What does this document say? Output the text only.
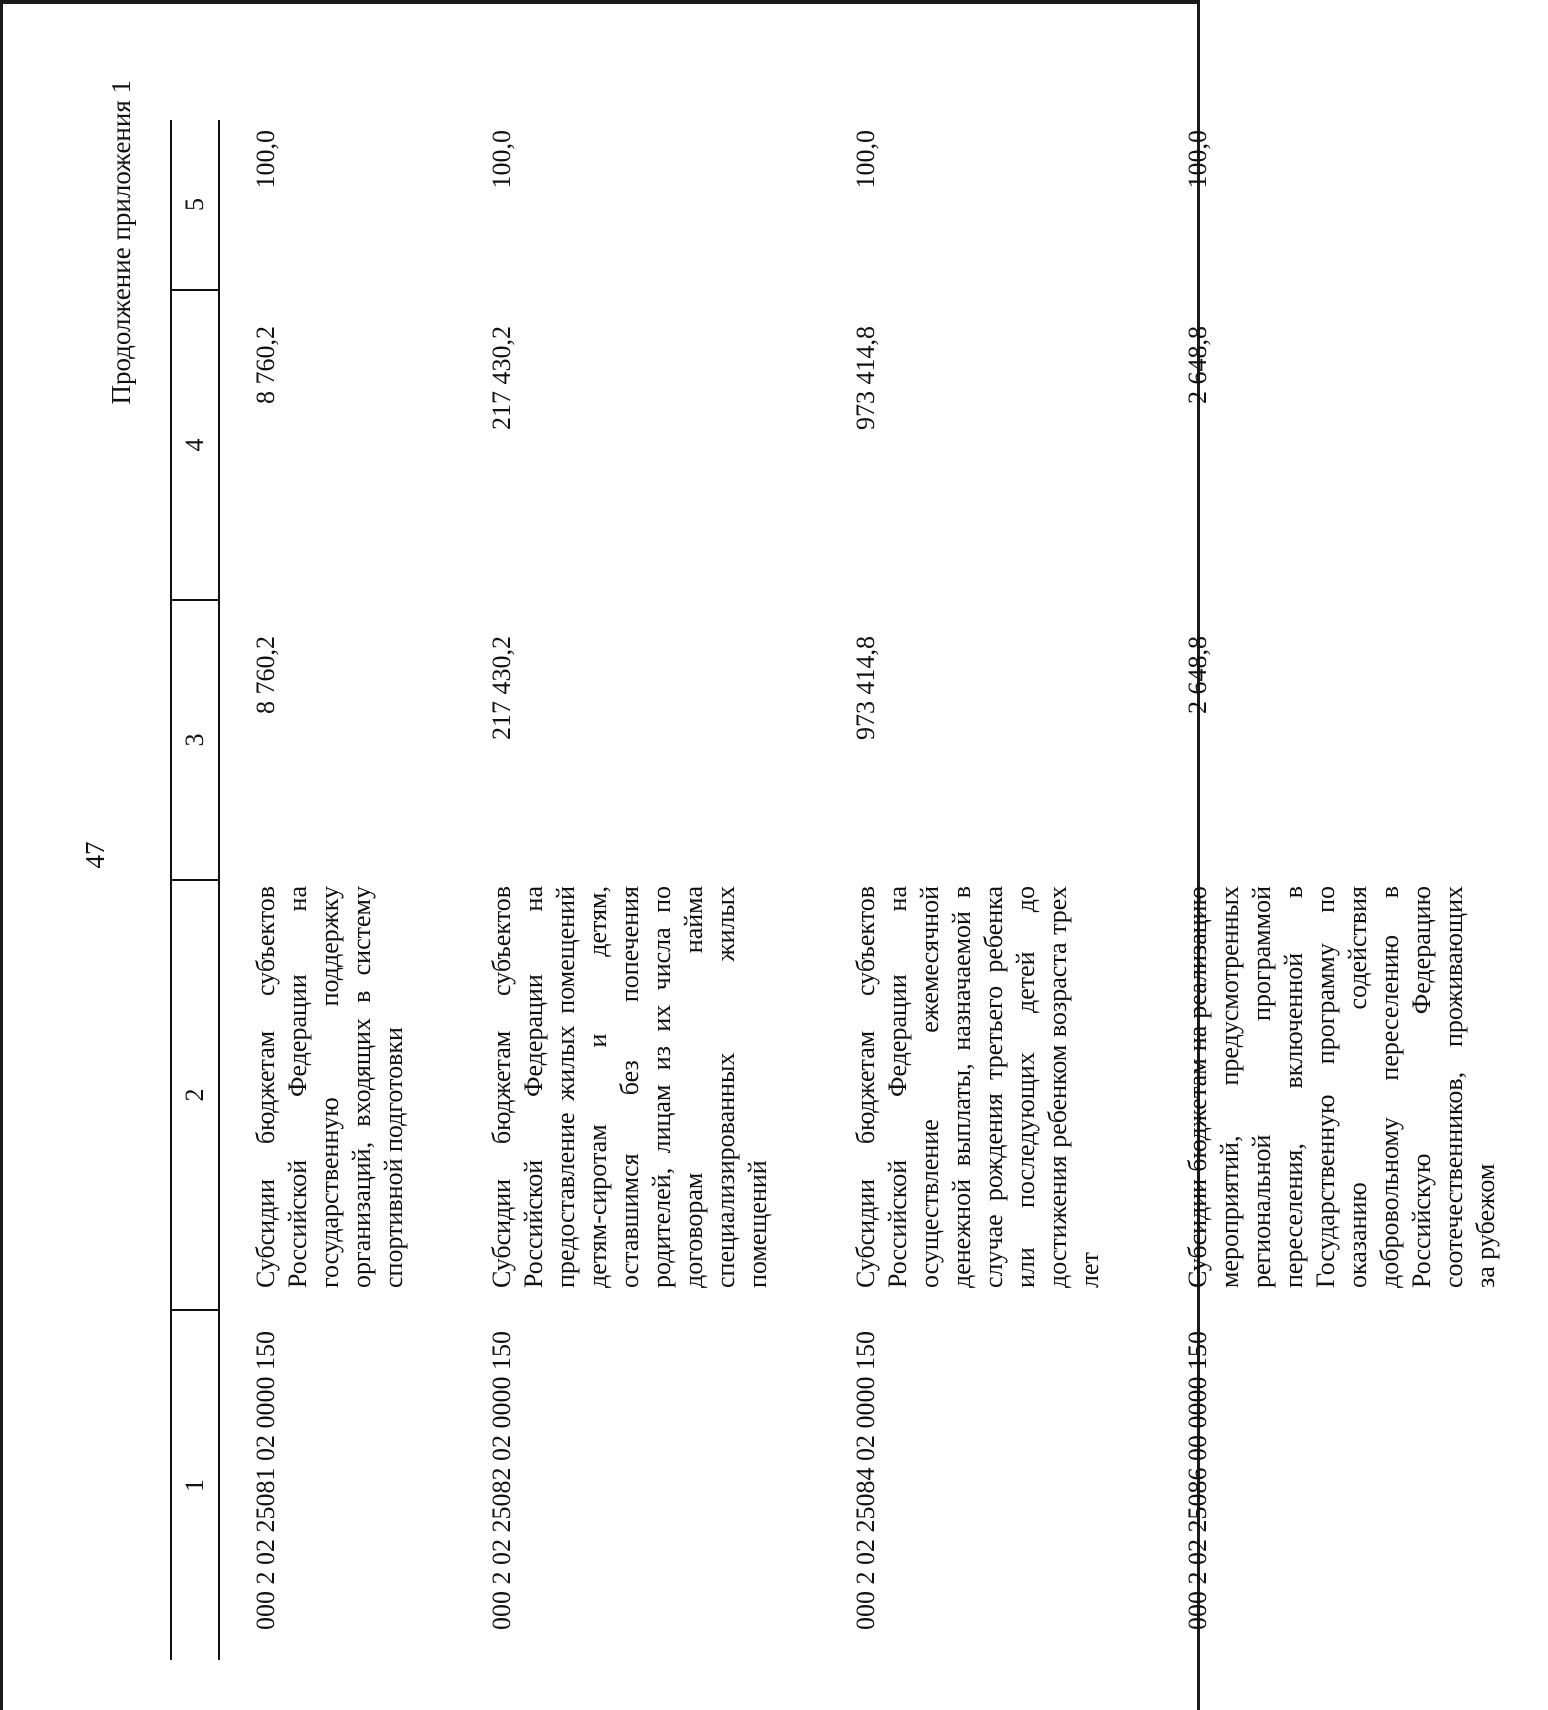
47
Продолжение приложения 1
1	2	3	4	5
000 2 02 25081 02 0000 150	Субсидии бюджетам субъектов Российской Федерации на государственную поддержку организаций, входящих в систему спортивной подготовки	8 760,2	8 760,2	100,0
000 2 02 25082 02 0000 150	Субсидии бюджетам субъектов Российской Федерации на предоставление жилых помещений детям-сиротам и детям, оставшимся без попечения родителей, лицам из их числа по договорам найма специализированных жилых помещений	217 430,2	217 430,2	100,0
000 2 02 25084 02 0000 150	Субсидии бюджетам субъектов Российской Федерации на осуществление ежемесячной денежной выплаты, назначаемой в случае рождения третьего ребенка или последующих детей до достижения ребенком возраста трех лет	973 414,8	973 414,8	100,0
000 2 02 25086 00 0000 150	Субсидии бюджетам на реализацию мероприятий, предусмотренных региональной программой переселения, включенной в Государственную программу по оказанию содействия добровольному переселению в Российскую Федерацию соотечественников, проживающих за рубежом	2 648,8	2 648,8	100,0
